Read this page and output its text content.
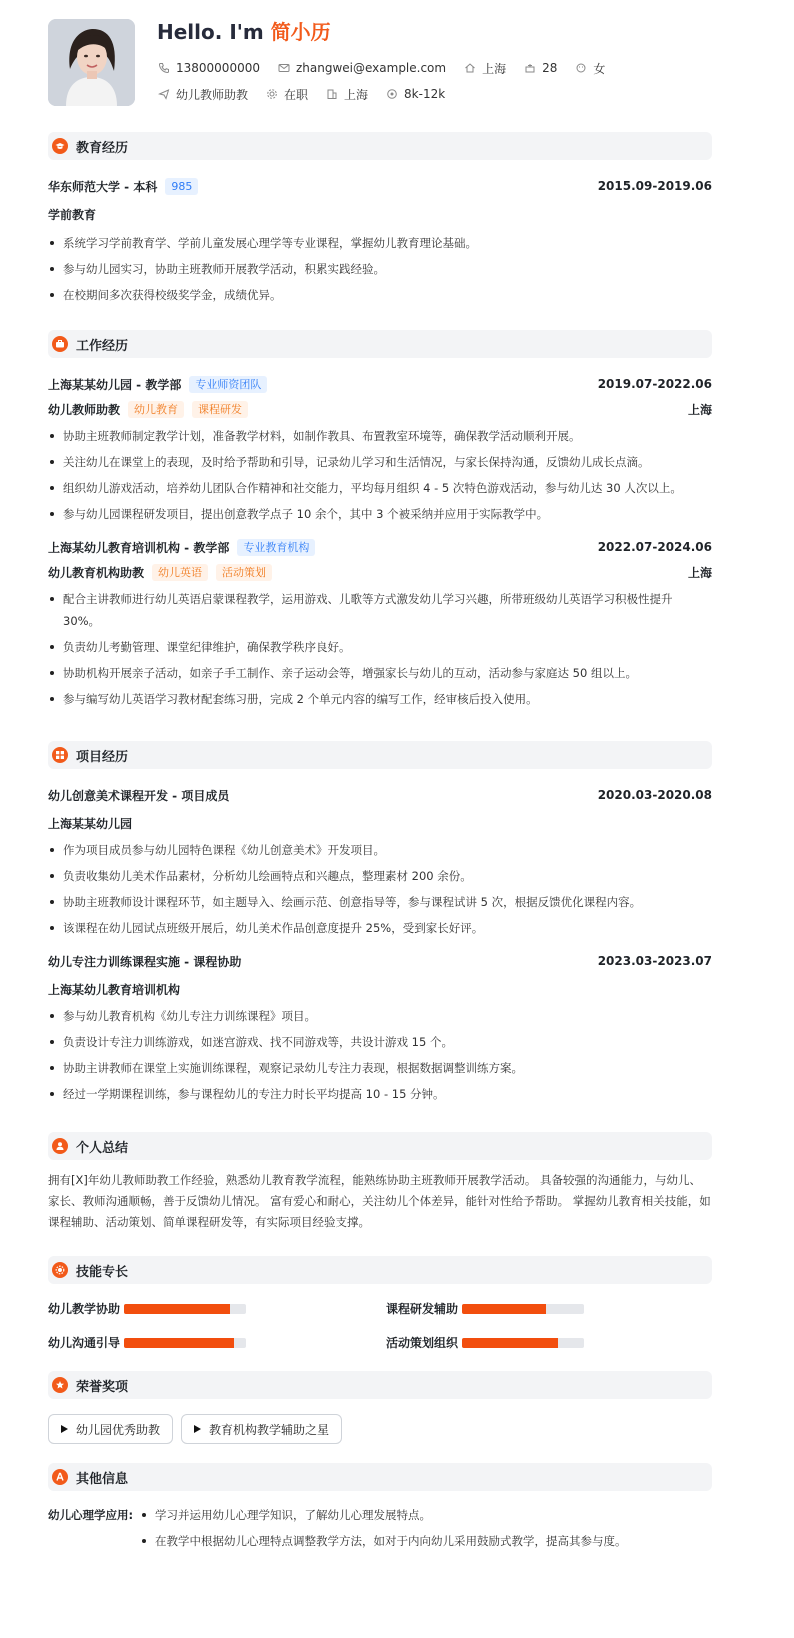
Hello. I'm 简小历
13800000000	zhangwei@example.com	上海	28	女
幼儿教师助教	在职	上海	8k-12k
教育经历
华东师范大学 - 本科	985	2015.09-2019.06
学前教育
系统学习学前教育学、学前儿童发展心理学等专业课程，掌握幼儿教育理论基础。
参与幼儿园实习，协助主班教师开展教学活动，积累实践经验。
在校期间多次获得校级奖学金，成绩优异。
工作经历
上海某某幼儿园 - 教学部	专业师资团队	2019.07-2022.06
幼儿教师助教	幼儿教育	课程研发	上海
协助主班教师制定教学计划，准备教学材料，如制作教具、布置教室环境等，确保教学活动顺利开展。
关注幼儿在课堂上的表现，及时给予帮助和引导，记录幼儿学习和生活情况，与家长保持沟通，反馈幼儿成长点滴。
组织幼儿游戏活动，培养幼儿团队合作精神和社交能力，平均每月组织 4 - 5 次特色游戏活动，参与幼儿达 30 人次以上。
参与幼儿园课程研发项目，提出创意教学点子 10 余个，其中 3 个被采纳并应用于实际教学中。
上海某幼儿教育培训机构 - 教学部	专业教育机构	2022.07-2024.06
幼儿教育机构助教	幼儿英语	活动策划	上海
配合主讲教师进行幼儿英语启蒙课程教学，运用游戏、儿歌等方式激发幼儿学习兴趣，所带班级幼儿英语学习积极性提升 30%。
负责幼儿考勤管理、课堂纪律维护，确保教学秩序良好。
协助机构开展亲子活动，如亲子手工制作、亲子运动会等，增强家长与幼儿的互动，活动参与家庭达 50 组以上。
参与编写幼儿英语学习教材配套练习册，完成 2 个单元内容的编写工作，经审核后投入使用。
项目经历
幼儿创意美术课程开发 - 项目成员	2020.03-2020.08
上海某某幼儿园
作为项目成员参与幼儿园特色课程《幼儿创意美术》开发项目。
负责收集幼儿美术作品素材，分析幼儿绘画特点和兴趣点，整理素材 200 余份。
协助主班教师设计课程环节，如主题导入、绘画示范、创意指导等，参与课程试讲 5 次，根据反馈优化课程内容。
该课程在幼儿园试点班级开展后，幼儿美术作品创意度提升 25%，受到家长好评。
幼儿专注力训练课程实施 - 课程协助	2023.03-2023.07
上海某幼儿教育培训机构
参与幼儿教育机构《幼儿专注力训练课程》项目。
负责设计专注力训练游戏，如迷宫游戏、找不同游戏等，共设计游戏 15 个。
协助主讲教师在课堂上实施训练课程，观察记录幼儿专注力表现，根据数据调整训练方案。
经过一学期课程训练，参与课程幼儿的专注力时长平均提高 10 - 15 分钟。
个人总结
拥有[X]年幼儿教师助教工作经验，熟悉幼儿教育教学流程，能熟练协助主班教师开展教学活动。 具备较强的沟通能力，与幼儿、家长、教师沟通顺畅，善于反馈幼儿情况。 富有爱心和耐心，关注幼儿个体差异，能针对性给予帮助。 掌握幼儿教育相关技能，如课程辅助、活动策划、简单课程研发等，有实际项目经验支撑。
技能专长
幼儿教学协助	课程研发辅助
幼儿沟通引导	活动策划组织
荣誉奖项
幼儿园优秀助教	教育机构教学辅助之星
其他信息
幼儿心理学应用:	学习并运用幼儿心理学知识，了解幼儿心理发展特点。
在教学中根据幼儿心理特点调整教学方法，如对于内向幼儿采用鼓励式教学，提高其参与度。
